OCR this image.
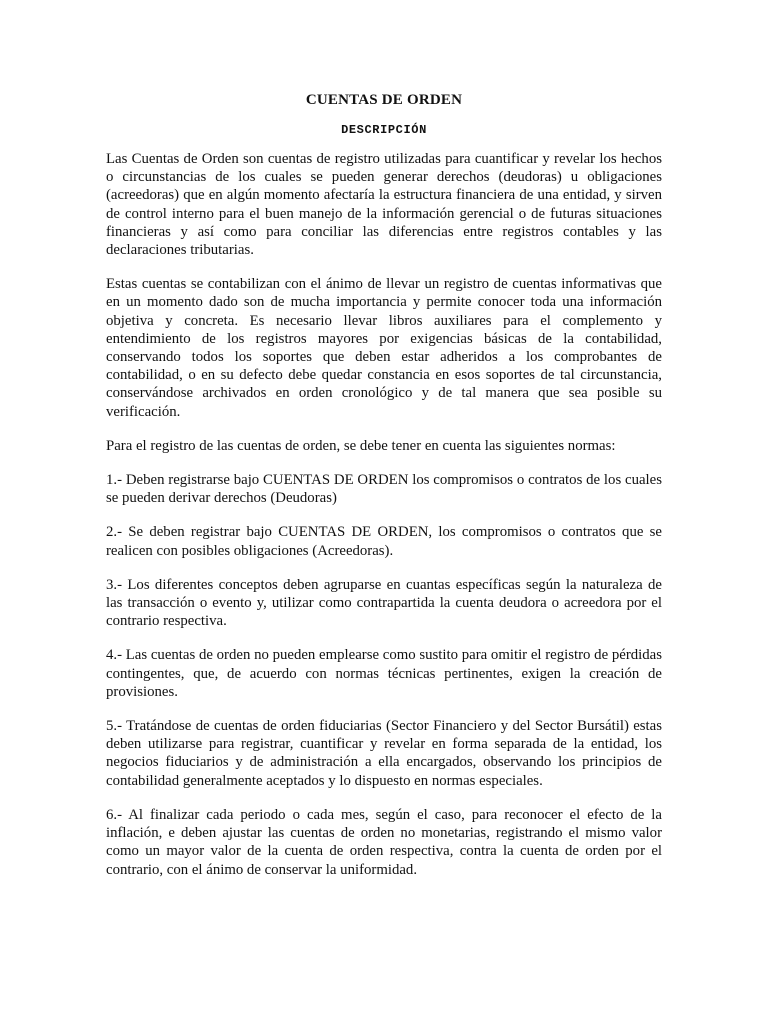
CUENTAS DE ORDEN
DESCRIPCIÓN

Las Cuentas de Orden son cuentas de registro utilizadas para cuantificar y revelar los hechos o circunstancias de los cuales se pueden generar derechos (deudoras) u obligaciones (acreedoras) que en algún momento afectaría la estructura financiera de una entidad, y sirven de control interno para el buen manejo de la información gerencial o de futuras situaciones financieras y así como para conciliar las diferencias entre registros contables y las declaraciones tributarias.

Estas cuentas se contabilizan con el ánimo de llevar un registro de cuentas informativas que en un momento dado son de mucha importancia y permite conocer toda una información objetiva y concreta. Es necesario llevar libros auxiliares para el complemento y entendimiento de los registros mayores por exigencias básicas de la contabilidad, conservando todos los soportes que deben estar adheridos a los comprobantes de contabilidad, o en su defecto debe quedar constancia en esos soportes de tal circunstancia, conservándose archivados en orden cronológico y de tal manera que sea posible su verificación.

Para el registro de las cuentas de orden, se debe tener en cuenta las siguientes normas:

1.- Deben registrarse bajo CUENTAS DE ORDEN los compromisos o contratos de los cuales se pueden derivar derechos (Deudoras)

2.- Se deben registrar bajo CUENTAS DE ORDEN, los compromisos o contratos que se realicen con posibles obligaciones (Acreedoras).

3.- Los diferentes conceptos deben agruparse en cuantas específicas según la naturaleza de las transacción o evento y, utilizar como contrapartida la cuenta deudora o acreedora por el contrario respectiva.

4.- Las cuentas de orden no pueden emplearse como sustito para omitir el registro de pérdidas contingentes, que, de acuerdo con normas técnicas pertinentes, exigen la creación de provisiones.

5.- Tratándose de cuentas de orden fiduciarias (Sector Financiero y del Sector Bursátil) estas deben utilizarse para registrar, cuantificar y revelar en forma separada de la entidad, los negocios fiduciarios y de administración a ella encargados, observando los principios de contabilidad generalmente aceptados y lo dispuesto en normas especiales.

6.- Al finalizar cada periodo o cada mes, según el caso, para reconocer el efecto de la inflación, e deben ajustar las cuentas de orden no monetarias, registrando el mismo valor como un mayor valor de la cuenta de orden respectiva, contra la cuenta de orden por el contrario, con el ánimo de conservar la uniformidad.
